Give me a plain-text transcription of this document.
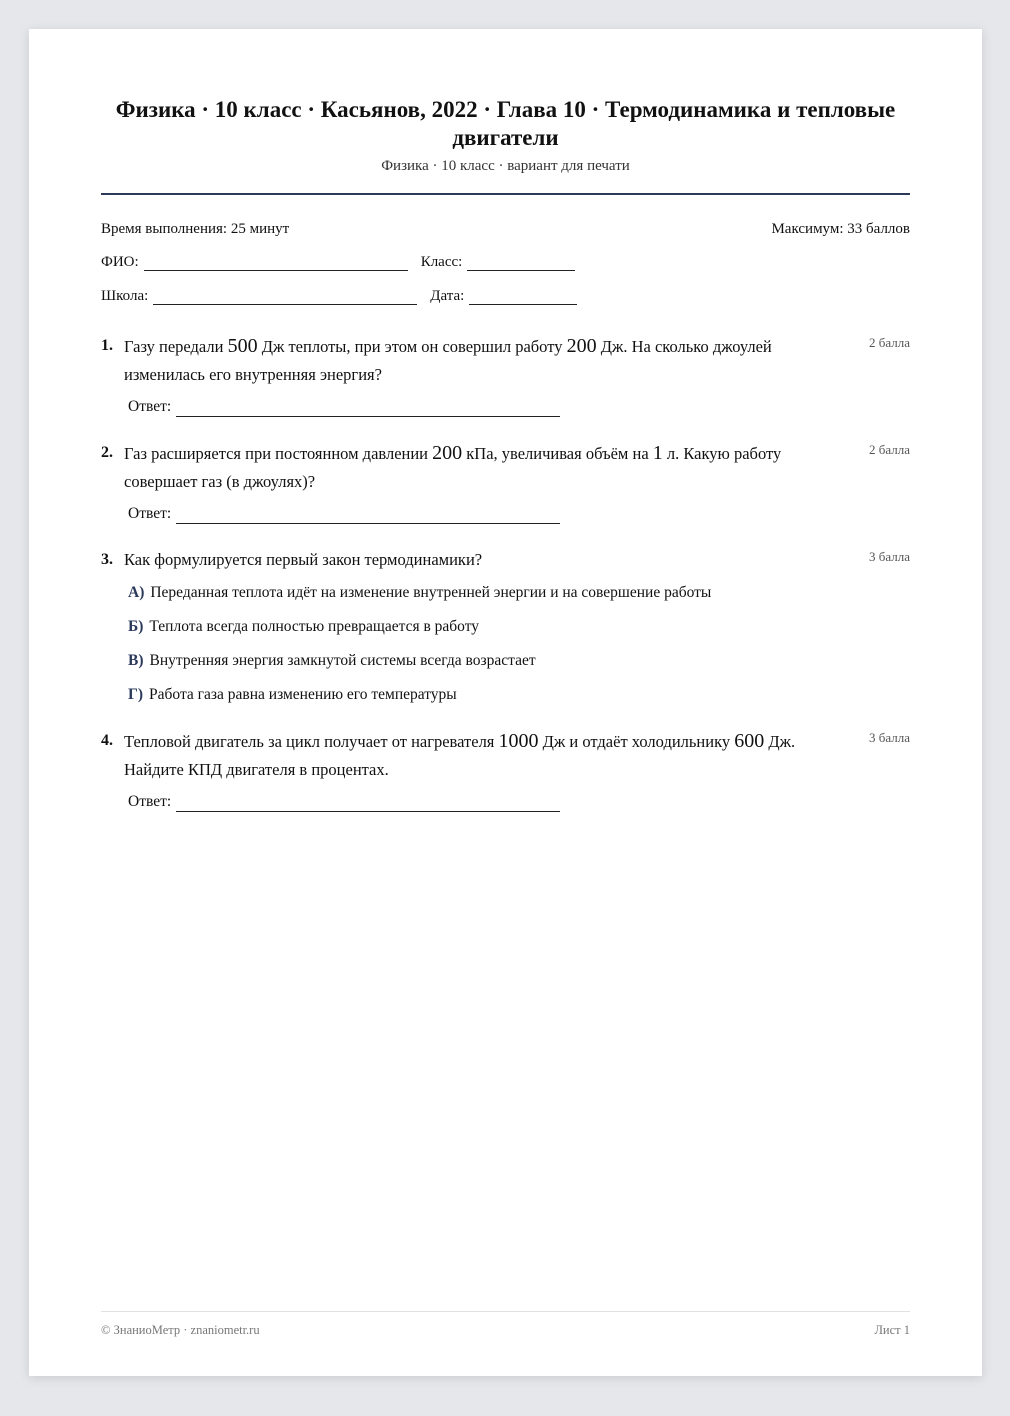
Физика · 10 класс · Касьянов, 2022 · Глава 10 · Термодинамика и тепловые двигатели
Физика · 10 класс · вариант для печати
Время выполнения: 25 минут	Максимум: 33 баллов
ФИО:	Класс:
Школа:	Дата:
1. Газу передали 500 Дж теплоты, при этом он совершил работу 200 Дж. На сколько джоулей изменилась его внутренняя энергия?
2 балла
Ответ:
2. Газ расширяется при постоянном давлении 200 кПа, увеличивая объём на 1 л. Какую работу совершает газ (в джоулях)?
2 балла
Ответ:
3. Как формулируется первый закон термодинамики?	3 балла
А) Переданная теплота идёт на изменение внутренней энергии и на совершение работы
Б) Теплота всегда полностью превращается в работу
В) Внутренняя энергия замкнутой системы всегда возрастает
Г) Работа газа равна изменению его температуры
4. Тепловой двигатель за цикл получает от нагревателя 1000 Дж и отдаёт холодильнику 600 Дж. Найдите КПД двигателя в процентах.
3 балла
Ответ:
© ЗнаниоМетр · znaniometr.ru	Лист 1
